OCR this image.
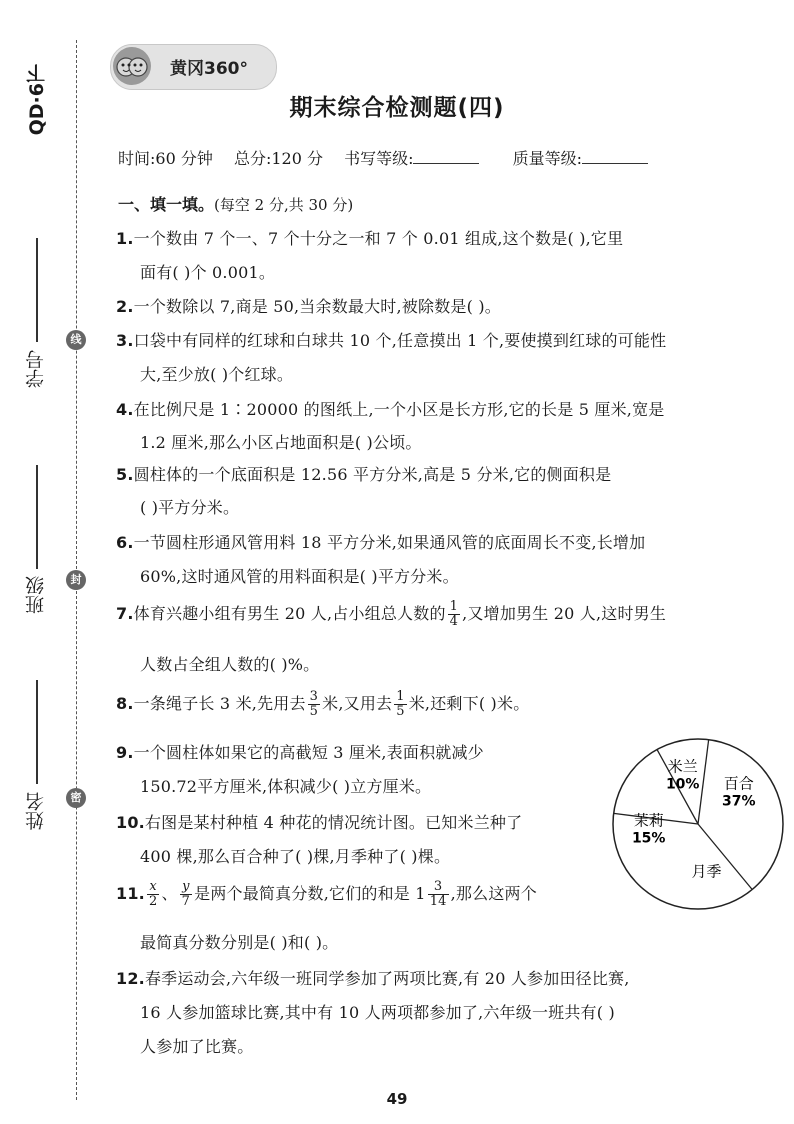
QD·6下
线
封
密
学号
班级
姓名
黄冈360°
期末综合检测题(四)
时间:60 分钟 总分:120 分 书写等级:	质量等级:
一、填一填。(每空 2 分,共 30 分)
1.一个数由 7 个一、7 个十分之一和 7 个 0.01 组成,这个数是( ),它里
面有( )个 0.001。
2.一个数除以 7,商是 50,当余数最大时,被除数是( )。
3.口袋中有同样的红球和白球共 10 个,任意摸出 1 个,要使摸到红球的可能性
大,至少放( )个红球。
4.在比例尺是 1∶20000 的图纸上,一个小区是长方形,它的长是 5 厘米,宽是
1.2 厘米,那么小区占地面积是( )公顷。
5.圆柱体的一个底面积是 12.56 平方分米,高是 5 分米,它的侧面积是
( )平方分米。
6.一节圆柱形通风管用料 18 平方分米,如果通风管的底面周长不变,长增加
60%,这时通风管的用料面积是( )平方分米。
7.体育兴趣小组有男生 20 人,占小组总人数的 $\frac{1}{4}$ ,又增加男生 20 人,这时男生
人数占全组人数的( )%。
8.一条绳子长 3 米,先用去 $\frac{3}{5}$ 米,又用去 $\frac{1}{5}$ 米,还剩下( )米。
9.一个圆柱体如果它的高截短 3 厘米,表面积就减少
150.72平方厘米,体积减少( )立方厘米。
10.右图是某村种植 4 种花的情况统计图。已知米兰种了
400 棵,那么百合种了( )棵,月季种了( )棵。
11. $\frac{x}{2}$ 、 $\frac{y}{7}$ 是两个最简真分数,它们的和是 $1 \frac{3}{14}$ ,那么这两个
最简真分数分别是( )和( )。
12.春季运动会,六年级一班同学参加了两项比赛,有 20 人参加田径比赛,
16 人参加篮球比赛,其中有 10 人两项都参加了,六年级一班共有( )
人参加了比赛。
百合
37%
月季
茉莉
15%
米兰
10%
49
